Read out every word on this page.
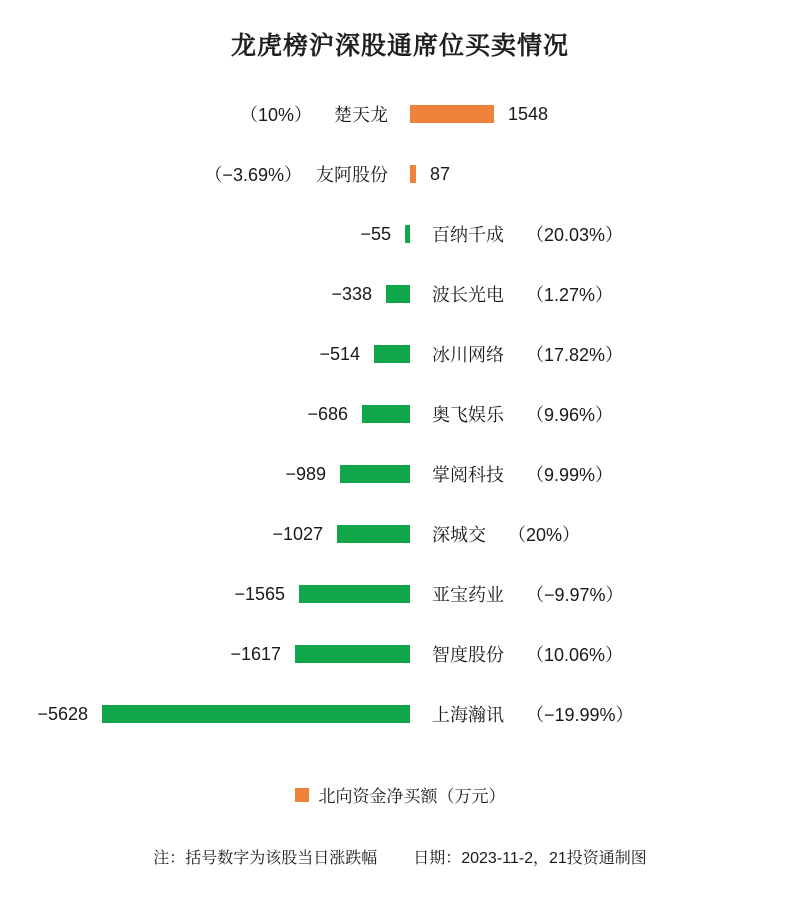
龙虎榜沪深股通席位买卖情况
（10%） 楚天龙	1548
（−3.69%） 友阿股份 87
−55 百纳千成 （20.03%）
−338	波长光电 （1.27%）
−514	冰川网络 （17.82%）
−686	奥飞娱乐 （9.96%）
−989	掌阅科技 （9.99%）
−1027	深城交 （20%）
−1565	亚宝药业 （−9.97%）
−1617	智度股份 （10.06%）
−5628	上海瀚讯 （−19.99%）
北向资金净买额（万元）
注：括号数字为该股当日涨跌幅 日期：2023-11-2，21投资通制图
